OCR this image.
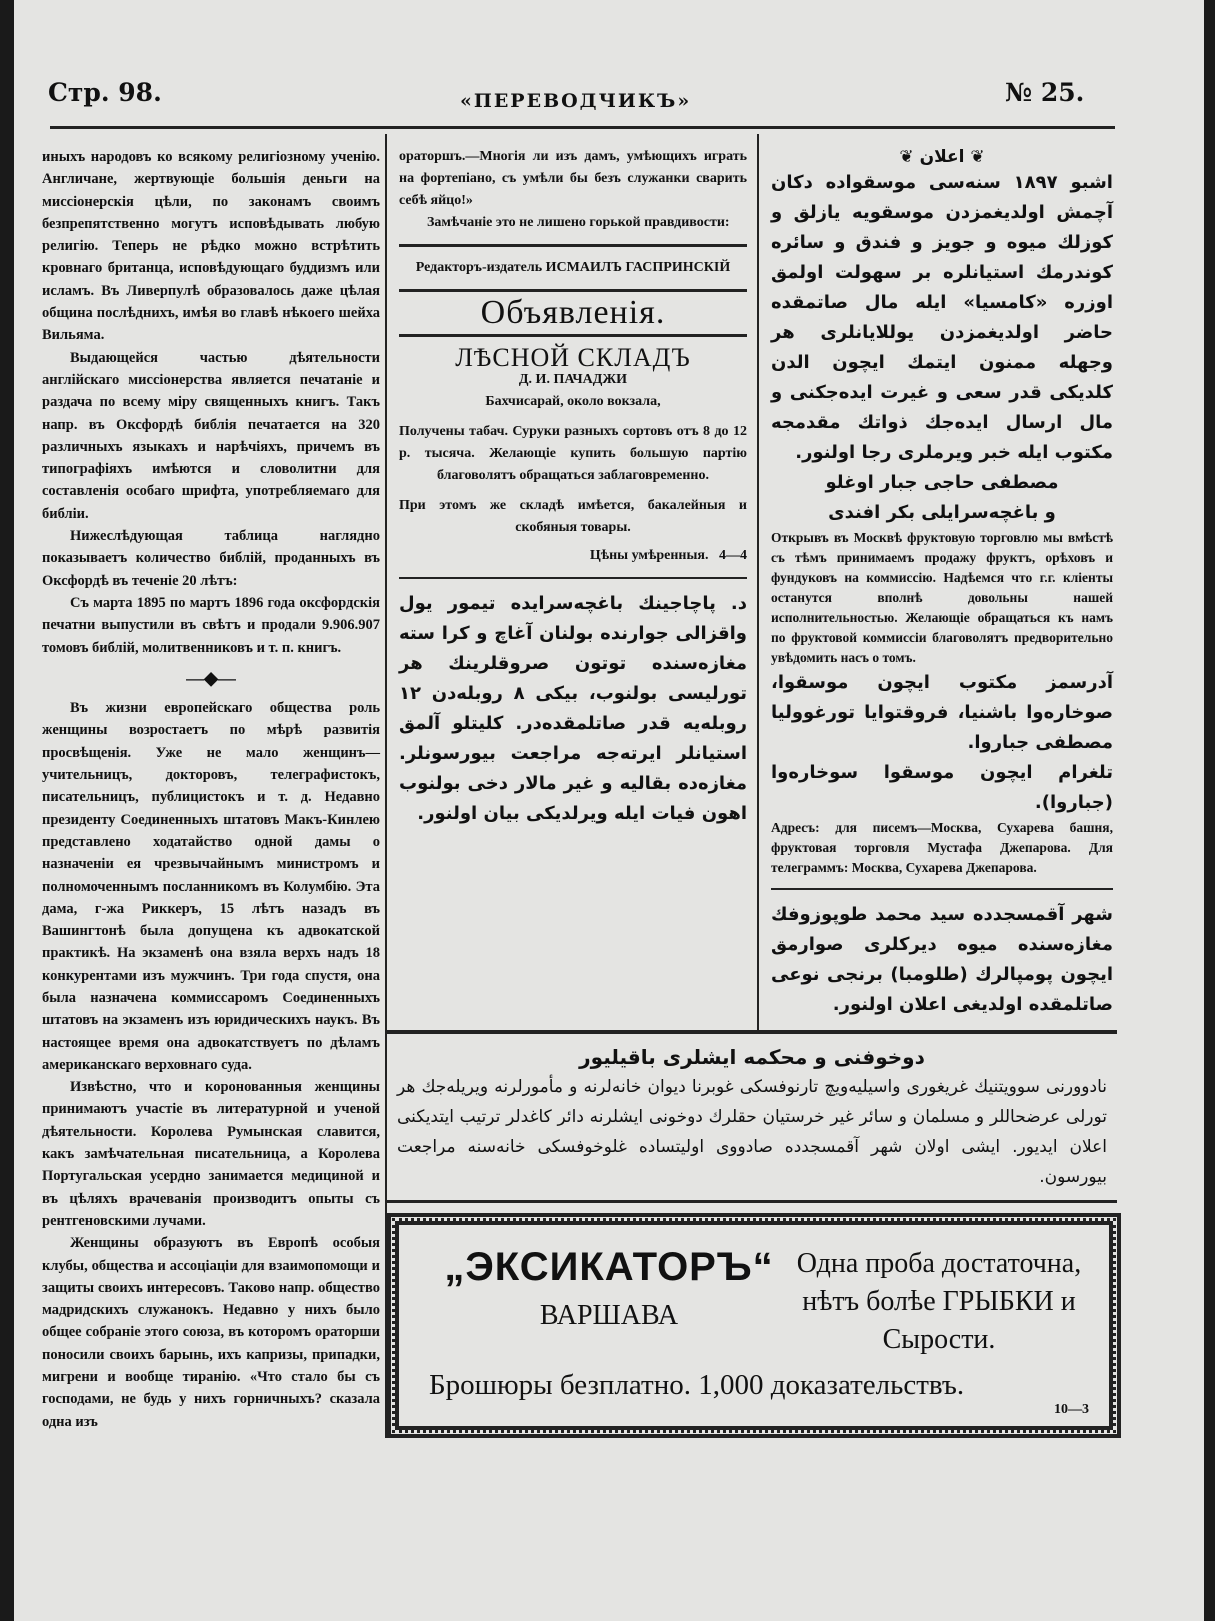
Стр. 98.	«ПЕРЕВОДЧИКЪ»	№ 25.

иныхъ народовъ ко всякому религіозному ученію. Англичане, жертвующіе большія деньги на миссіонерскія цѣли, по законамъ своимъ безпрепятственно могутъ исповѣдывать любую религію. Теперь не рѣдко можно встрѣтить кровнаго британца, исповѣдующаго буддизмъ или исламъ. Въ Ливерпулѣ образовалось даже цѣлая община послѣднихъ, имѣя во главѣ нѣкоего шейха Вильяма.

Выдающейся частью дѣятельности англійскаго миссіонерства является печатаніе и раздача по всему міру священныхъ книгъ. Такъ напр. въ Оксфордѣ библія печатается на 320 различныхъ языкахъ и нарѣчіяхъ, причемъ въ типографіяхъ имѣются и словолитни для составленія особаго шрифта, употребляемаго для библіи.

Нижеслѣдующая таблица наглядно показываетъ количество библій, проданныхъ въ Оксфордѣ въ теченіе 20 лѣтъ:

Съ марта 1895 по мартъ 1896 года оксфордскія печатни выпустили въ свѣтъ и продали 9.906.907 томовъ библій, молитвенниковъ и т. п. книгъ.

—◆—

Въ жизни европейскаго общества роль женщины возростаетъ по мѣрѣ развитія просвѣщенія. Уже не мало женщинъ—учительницъ, докторовъ, телеграфистокъ, писательницъ, публицистокъ и т. д. Недавно президенту Соединенныхъ штатовъ Макъ-Кинлею представлено ходатайство одной дамы о назначеніи ея чрезвычайнымъ министромъ и полномоченнымъ посланникомъ въ Колумбію. Эта дама, г-жа Риккеръ, 15 лѣтъ назадъ въ Вашингтонѣ была допущена къ адвокатской практикѣ. На экзаменѣ она взяла верхъ надъ 18 конкурентами изъ мужчинъ. Три года спустя, она была назначена коммиссаромъ Соединенныхъ штатовъ на экзаменъ изъ юридическихъ наукъ. Въ настоящее время она адвокатствуетъ по дѣламъ американскаго верховнаго суда.

Извѣстно, что и коронованныя женщины принимаютъ участіе въ литературной и ученой дѣятельности. Королева Румынская славится, какъ замѣчательная писательница, а Королева Португальская усердно занимается медициной и въ цѣляхъ врачеванія производитъ опыты съ рентгеновскими лучами.

Женщины образуютъ въ Европѣ особыя клубы, общества и ассоціаціи для взаимопомощи и защиты своихъ интересовъ. Таково напр. общество мадридскихъ служанокъ. Недавно у нихъ было общее собраніе этого союза, въ которомъ ораторши поносили своихъ барынь, ихъ капризы, припадки, мигрени и вообще тиранію. «Что стало бы съ господами, не будь у нихъ горничныхъ? сказала одна изъ

ораторшъ.—Многія ли изъ дамъ, умѣющихъ играть на фортепіано, съ умѣли бы безъ служанки сварить себѣ яйцо!»

Замѣчаніе это не лишено горькой правдивости:

Редакторъ-издатель ИСМАИЛЪ ГАСПРИНСКІЙ

Объявленія.
ЛѢСНОЙ СКЛАДЪ

Д. И. ПАЧАДЖИ

Бахчисарай, около вокзала,

Получены табач. Суруки разныхъ сортовъ отъ 8 до 12 р. тысяча. Желающіе купить большую партію благоволятъ обращаться заблаговременно.

При этомъ же складѣ имѣется, бакалейныя и скобяныя товары.

Цѣны умѣренныя. 4—4

د. پاچاجینك باغچه‌سرایده تیمور یول واقزالی جوارنده بولنان آغاچ و کرا سته مغازه‌سنده توتون صروقلرینك هر تورلیسی بولنوب، بیكی ۸ روبله‌دن ۱۲ روبله‌یه قدر صاتلمقده‌در. کلیتلو آلمق استیانلر ایرته‌جه مراجعت بیورسونلر. مغازه‌ده بقالیه و غیر مالار دخی بولنوب اهون فیات ایله ویرلدیکی بیان اولنور.
❦ اعلان ❦
اشبو ۱۸۹۷ سنه‌سی موسقواده دکان آچمش اولدیغمزدن موسقویه یازلق و کوزلك میوه و جویز و فندق و سائره کوندرمك استیانلره بر سهولت اولمق اوزره «کامسیا» ایله مال صاتمقده حاضر اولدیغمزدن یوللایانلری هر وجهله ممنون ایتمك ایچون الدن کلدیکی قدر سعی و غیرت ایده‌جکنی و مال ارسال ایده‌جك ذواتك مقدمجه مکتوب ایله خبر ویرملری رجا اولنور.
مصطفی حاجی جبار اوغلو
و باغچه‌سرایلی بکر افندی

Открывъ въ Москвѣ фруктовую торговлю мы вмѣстѣ съ тѣмъ принимаемъ продажу фруктъ, орѣховъ и фундуковъ на коммиссію. Надѣемся что г.г. кліенты останутся вполнѣ довольны нашей исполнительностью. Желающіе обращаться къ намъ по фруктовой коммиссіи благоволятъ предворительно увѣдомить насъ о томъ.

آدرسمز مکتوب ایچون موسقوا، صوخاره‌وا باشنیا، فروقتوایا تورغوولیا مصطفی جباروا.
تلغرام ایچون موسقوا سوخاره‌وا (جباروا).

Адресъ: для писемъ—Москва, Сухарева башня, фруктовая торговля Мустафа Джепарова. Для телеграммъ: Москва, Сухарева Джепарова.

شهر آقمسجدده سید محمد طوپوزوفك مغازه‌سنده میوه دیرکلری صوارمق ایچون پومپالرك (طلومبا) برنجی نوعی صاتلمقده اولدیغی اعلان اولنور.
دوخوفنی و محکمه ایشلری باقیلیور
نادوورنی سوویتنیك غریغوری واسیلیه‌ویچ تارنوفسکی غوبرنا دیوان خانه‌لرنه و مأمورلرنه ویریله‌جك هر تورلی عرضحاللر و مسلمان و سائر غیر خرستیان حقلرك دوخونی ایشلرنه دائر کاغدلر ترتیب ایتدیکنی اعلان ایدیور. ایشی اولان شهر آقمسجدده صادووی اولیتساده غلوخوفسکی خانه‌سنه مراجعت بیورسون.
„ЭКСИКАТОРЪ“
ВАРШАВА
Одна проба достаточна, нѣтъ болѣе ГРЫБКИ и Сырости.
Брошюры безплатно. 1,000 доказательствъ.
10—3
